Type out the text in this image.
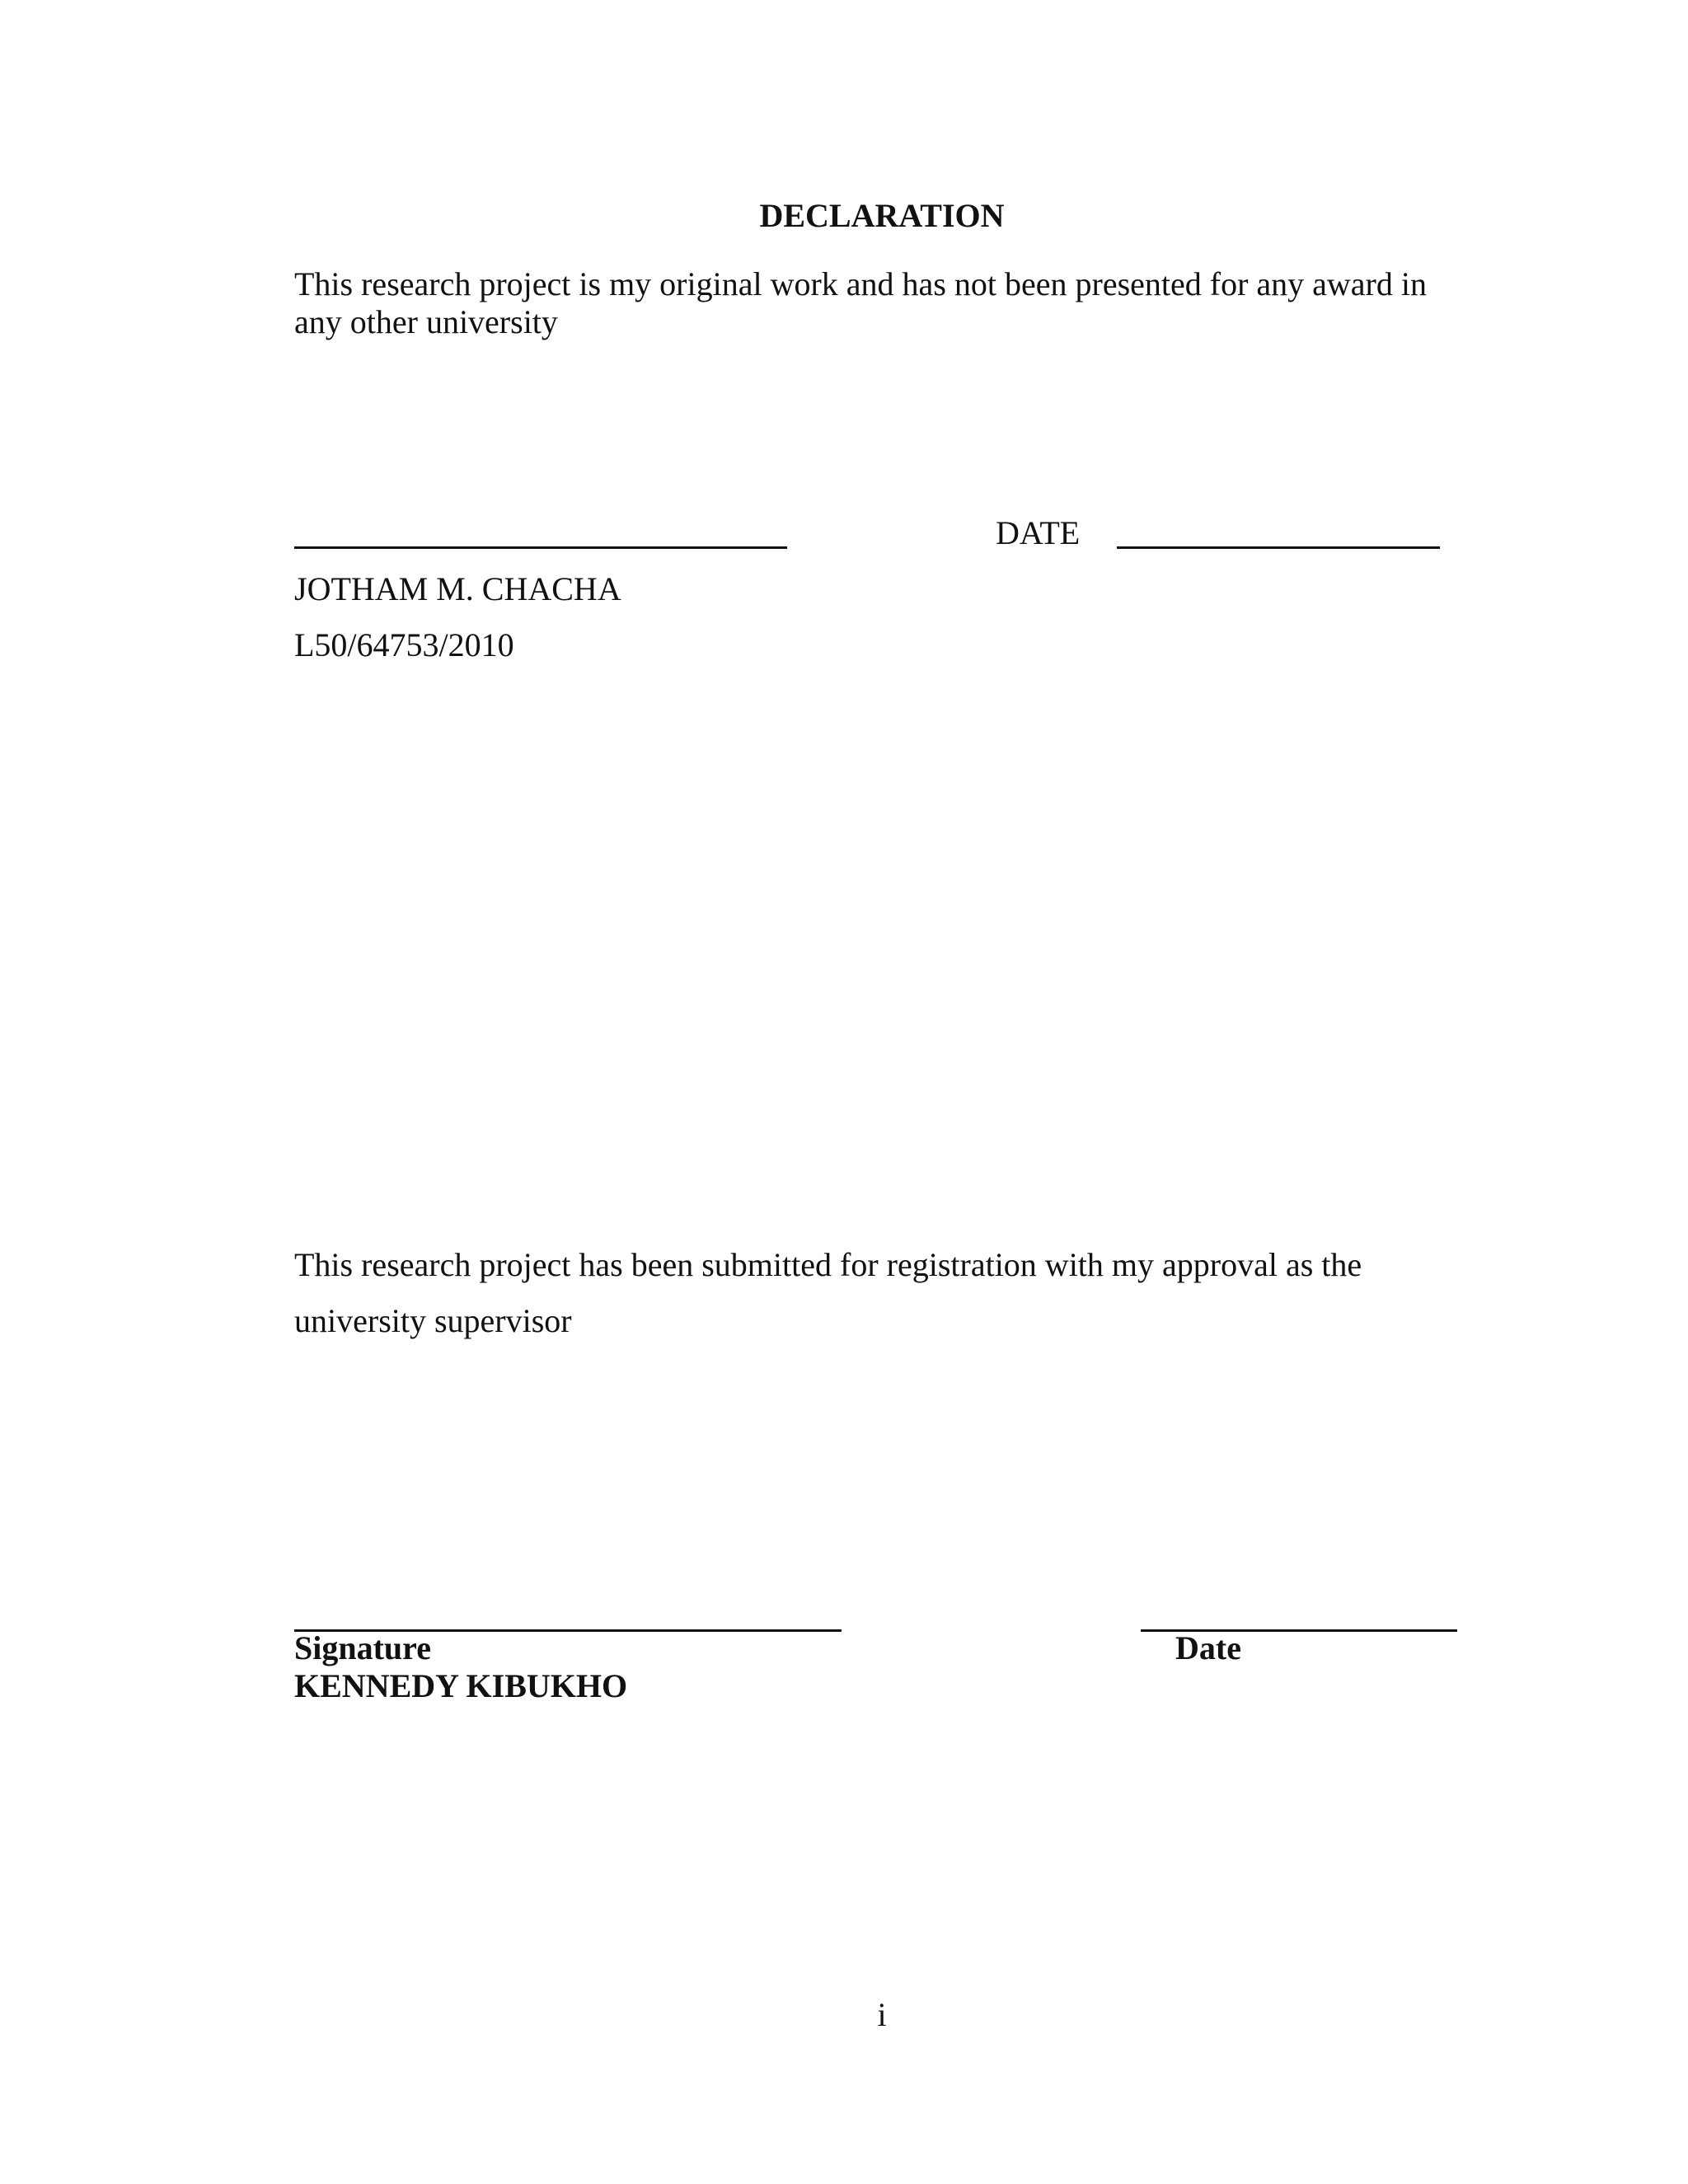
DECLARATION
This research project is my original work and has not been presented for any award in
any other university
DATE
JOTHAM M. CHACHA
L50/64753/2010
This research project has been submitted for registration with my approval as the
university supervisor
Signature	Date
KENNEDY KIBUKHO
i
